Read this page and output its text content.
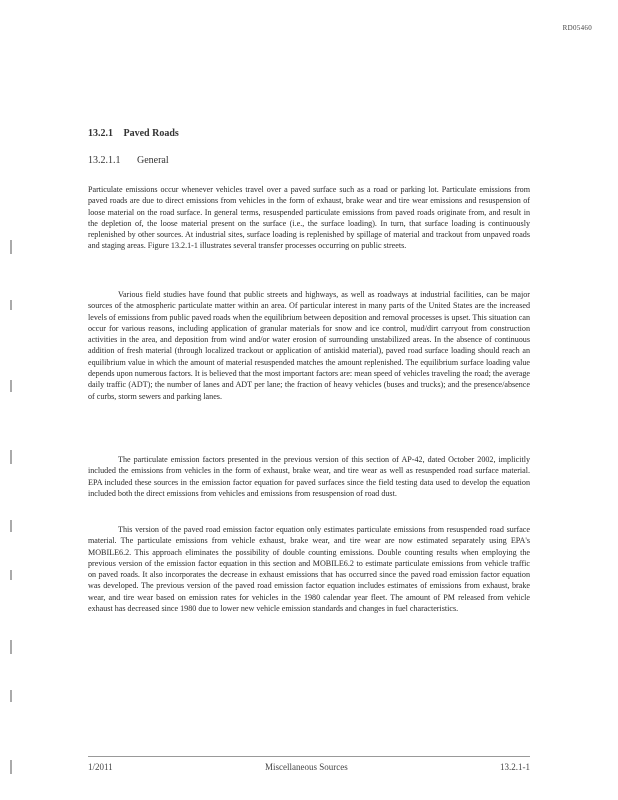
RD05460
13.2.1 Paved Roads
13.2.1.1 General

Particulate emissions occur whenever vehicles travel over a paved surface such as a road or parking lot. Particulate emissions from paved roads are due to direct emissions from vehicles in the form of exhaust, brake wear and tire wear emissions and resuspension of loose material on the road surface. In general terms, resuspended particulate emissions from paved roads originate from, and result in the depletion of, the loose material present on the surface (i.e., the surface loading). In turn, that surface loading is continuously replenished by other sources. At industrial sites, surface loading is replenished by spillage of material and trackout from unpaved roads and staging areas. Figure 13.2.1-1 illustrates several transfer processes occurring on public streets.

Various field studies have found that public streets and highways, as well as roadways at industrial facilities, can be major sources of the atmospheric particulate matter within an area. Of particular interest in many parts of the United States are the increased levels of emissions from public paved roads when the equilibrium between deposition and removal processes is upset. This situation can occur for various reasons, including application of granular materials for snow and ice control, mud/dirt carryout from construction activities in the area, and deposition from wind and/or water erosion of surrounding unstabilized areas. In the absence of continuous addition of fresh material (through localized trackout or application of antiskid material), paved road surface loading should reach an equilibrium value in which the amount of material resuspended matches the amount replenished. The equilibrium surface loading value depends upon numerous factors. It is believed that the most important factors are: mean speed of vehicles traveling the road; the average daily traffic (ADT); the number of lanes and ADT per lane; the fraction of heavy vehicles (buses and trucks); and the presence/absence of curbs, storm sewers and parking lanes.

The particulate emission factors presented in the previous version of this section of AP-42, dated October 2002, implicitly included the emissions from vehicles in the form of exhaust, brake wear, and tire wear as well as resuspended road surface material. EPA included these sources in the emission factor equation for paved surfaces since the field testing data used to develop the equation included both the direct emissions from vehicles and emissions from resuspension of road dust.

This version of the paved road emission factor equation only estimates particulate emissions from resuspended road surface material. The particulate emissions from vehicle exhaust, brake wear, and tire wear are now estimated separately using EPA's MOBILE6.2. This approach eliminates the possibility of double counting emissions. Double counting results when employing the previous version of the emission factor equation in this section and MOBILE6.2 to estimate particulate emissions from vehicle traffic on paved roads. It also incorporates the decrease in exhaust emissions that has occurred since the paved road emission factor equation was developed. The previous version of the paved road emission factor equation includes estimates of emissions from exhaust, brake wear, and tire wear based on emission rates for vehicles in the 1980 calendar year fleet. The amount of PM released from vehicle exhaust has decreased since 1980 due to lower new vehicle emission standards and changes in fuel characteristics.

1/2011	Miscellaneous Sources	13.2.1-1
